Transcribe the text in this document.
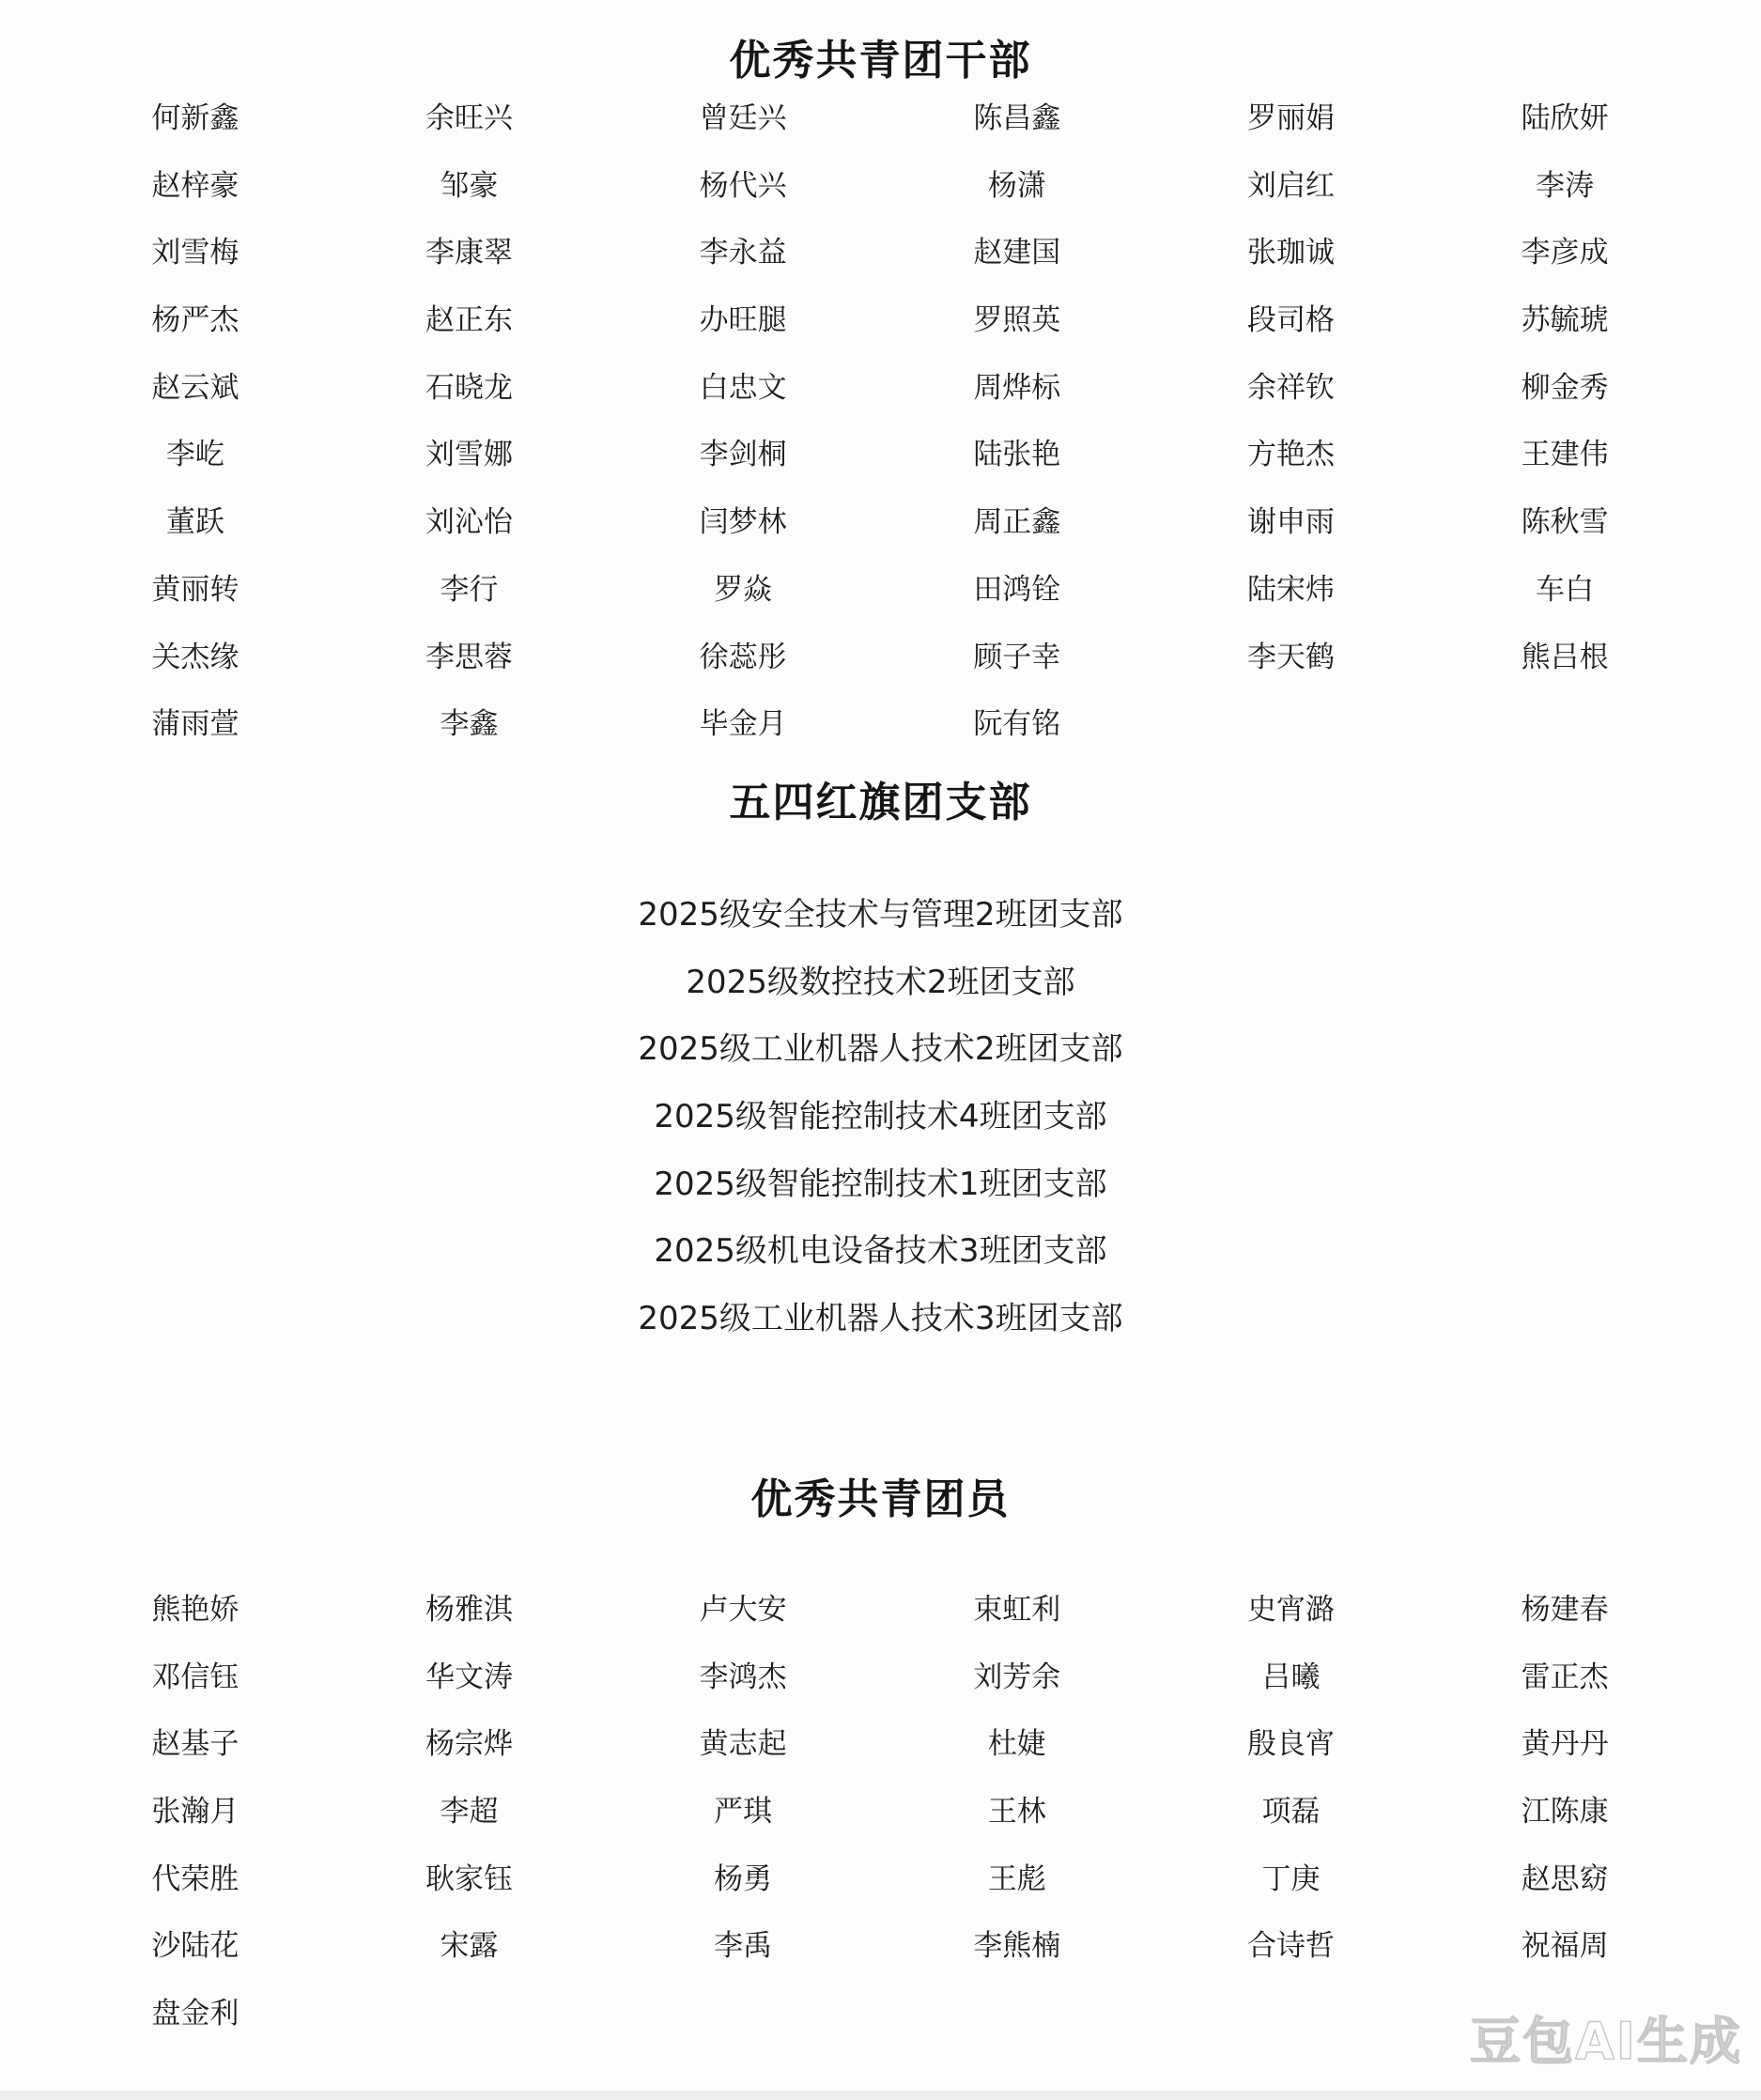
优秀共青团干部
何新鑫	余旺兴	曾廷兴	陈昌鑫	罗丽娟	陆欣妍
赵梓豪	邹豪	杨代兴	杨潇	刘启红	李涛
刘雪梅	李康翠	李永益	赵建国	张珈诚	李彦成
杨严杰	赵正东	办旺腿	罗照英	段司格	苏毓琥
赵云斌	石晓龙	白忠文	周烨标	余祥钦	柳金秀
李屹	刘雪娜	李剑桐	陆张艳	方艳杰	王建伟
董跃	刘沁怡	闫梦林	周正鑫	谢申雨	陈秋雪
黄丽转	李行	罗焱	田鸿铨	陆宋炜	车白
关杰缘	李思蓉	徐蕊彤	顾子幸	李天鹤	熊吕根
蒲雨萱	李鑫	毕金月	阮有铭
五四红旗团支部
2025级安全技术与管理2班团支部
2025级数控技术2班团支部
2025级工业机器人技术2班团支部
2025级智能控制技术4班团支部
2025级智能控制技术1班团支部
2025级机电设备技术3班团支部
2025级工业机器人技术3班团支部
优秀共青团员
熊艳娇	杨雅淇	卢大安	束虹利	史宵潞	杨建春
邓信钰	华文涛	李鸿杰	刘芳余	吕曦	雷正杰
赵基子	杨宗烨	黄志起	杜婕	殷良宵	黄丹丹
张瀚月	李超	严琪	王林	项磊	江陈康
代荣胜	耿家钰	杨勇	王彪	丁庚	赵思窈
沙陆花	宋露	李禹	李熊楠	合诗哲	祝福周
盘金利	豆包AI生成
